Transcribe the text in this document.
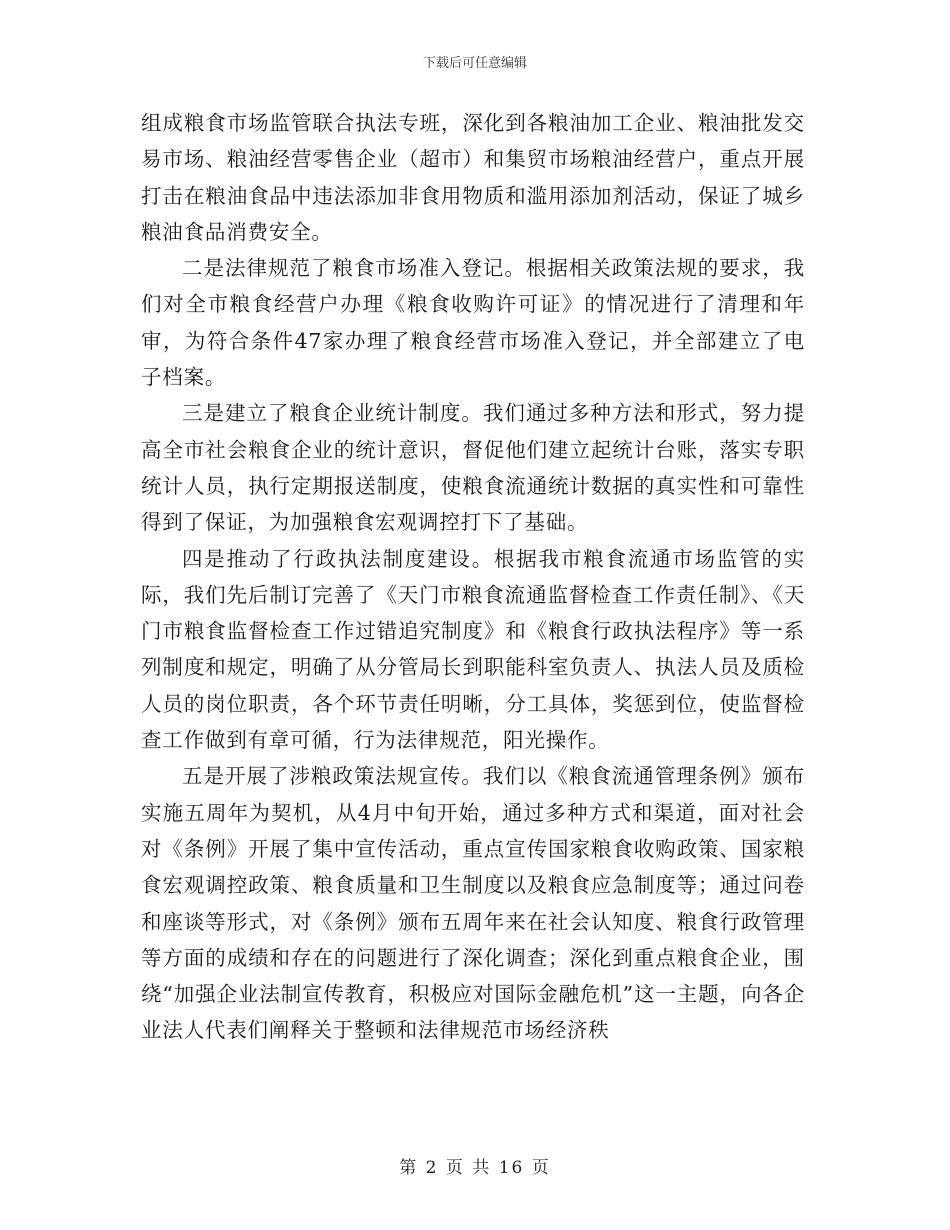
下载后可任意编辑

组成粮食市场监管联合执法专班，深化到各粮油加工企业、粮油批发交易市场、粮油经营零售企业（超市）和集贸市场粮油经营户，重点开展打击在粮油食品中违法添加非食用物质和滥用添加剂活动，保证了城乡粮油食品消费安全。

二是法律规范了粮食市场准入登记。根据相关政策法规的要求，我们对全市粮食经营户办理《粮食收购许可证》的情况进行了清理和年审，为符合条件47家办理了粮食经营市场准入登记，并全部建立了电子档案。

三是建立了粮食企业统计制度。我们通过多种方法和形式，努力提高全市社会粮食企业的统计意识，督促他们建立起统计台账，落实专职统计人员，执行定期报送制度，使粮食流通统计数据的真实性和可靠性得到了保证，为加强粮食宏观调控打下了基础。

四是推动了行政执法制度建设。根据我市粮食流通市场监管的实际，我们先后制订完善了《天门市粮食流通监督检查工作责任制》、《天门市粮食监督检查工作过错追究制度》和《粮食行政执法程序》等一系列制度和规定，明确了从分管局长到职能科室负责人、执法人员及质检人员的岗位职责，各个环节责任明晰，分工具体，奖惩到位，使监督检查工作做到有章可循，行为法律规范，阳光操作。

五是开展了涉粮政策法规宣传。我们以《粮食流通管理条例》颁布实施五周年为契机，从4月中旬开始，通过多种方式和渠道，面对社会对《条例》开展了集中宣传活动，重点宣传国家粮食收购政策、国家粮食宏观调控政策、粮食质量和卫生制度以及粮食应急制度等；通过问卷和座谈等形式，对《条例》颁布五周年来在社会认知度、粮食行政管理等方面的成绩和存在的问题进行了深化调查；深化到重点粮食企业，围绕“加强企业法制宣传教育，积极应对国际金融危机”这一主题，向各企业法人代表们阐释关于整顿和法律规范市场经济秩

第 2 页 共 16 页
